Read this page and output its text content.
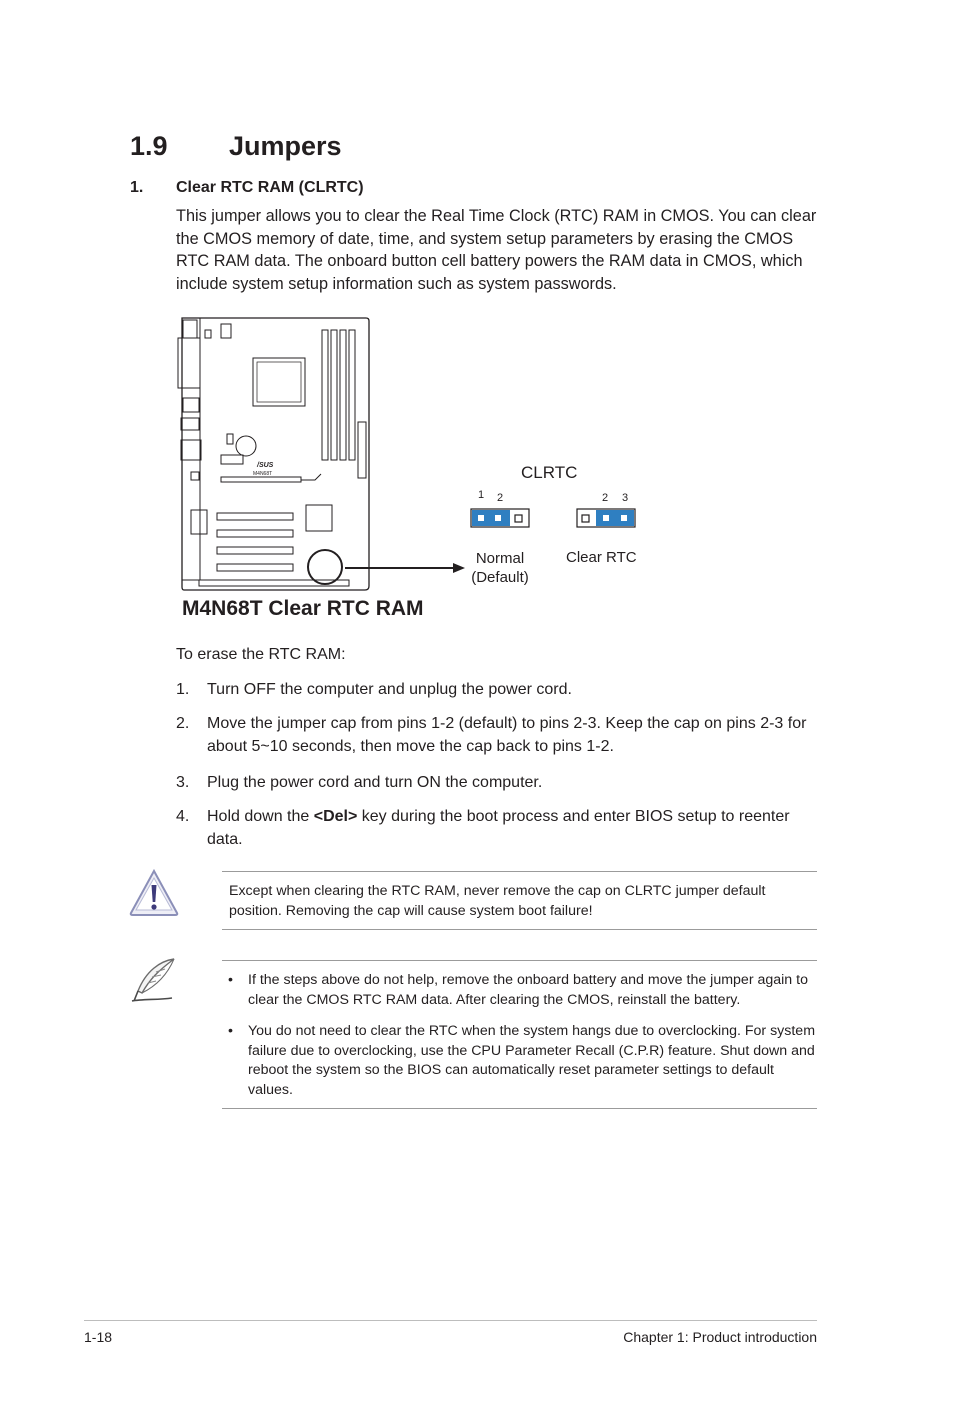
1.9 Jumpers
1. Clear RTC RAM (CLRTC)
This jumper allows you to clear the Real Time Clock (RTC) RAM in CMOS. You can clear the CMOS memory of date, time, and system setup parameters by erasing the CMOS RTC RAM data. The onboard button cell battery powers the RAM data in CMOS, which include system setup information such as system passwords.
/SUS
M4N68T	CLRTC
1 2	2 3
Normal
(Default)
Clear RTC
M4N68T Clear RTC RAM
To erase the RTC RAM:
1. Turn OFF the computer and unplug the power cord.
2. Move the jumper cap from pins 1-2 (default) to pins 2-3. Keep the cap on pins 2-3 for about 5~10 seconds, then move the cap back to pins 1-2.
3. Plug the power cord and turn ON the computer.
4. Hold down the <Del> key during the boot process and enter BIOS setup to reenter data.
Except when clearing the RTC RAM, never remove the cap on CLRTC jumper default position. Removing the cap will cause system boot failure!
• If the steps above do not help, remove the onboard battery and move the jumper again to clear the CMOS RTC RAM data. After clearing the CMOS, reinstall the battery.
• You do not need to clear the RTC when the system hangs due to overclocking. For system failure due to overclocking, use the CPU Parameter Recall (C.P.R) feature. Shut down and reboot the system so the BIOS can automatically reset parameter settings to default values.
1-18	Chapter 1: Product introduction
